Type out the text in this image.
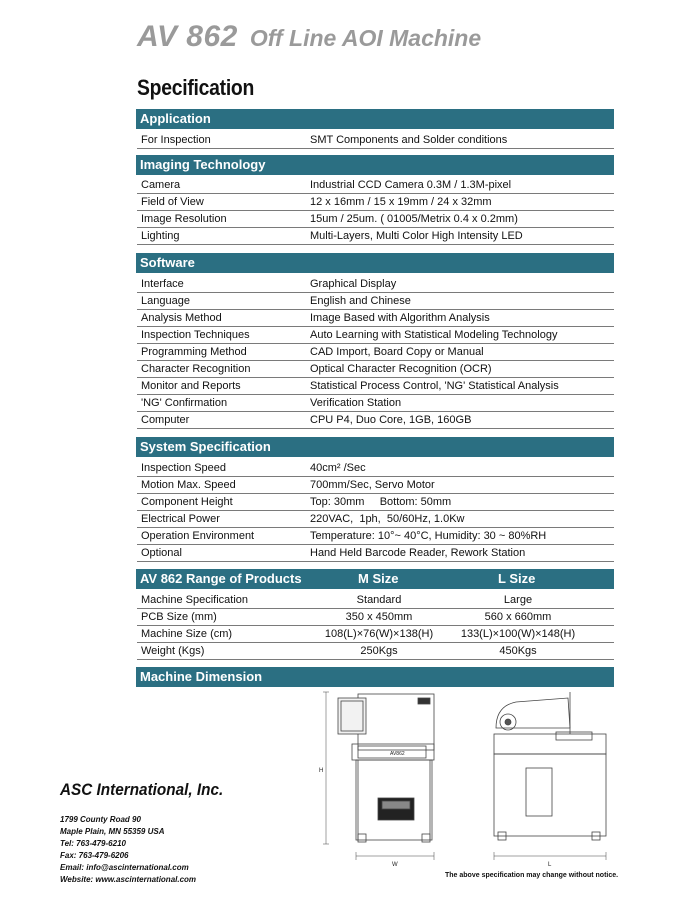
AV 862 Off Line AOI Machine
Specification
Application
For Inspection	SMT Components and Solder conditions
Imaging Technology
Camera	Industrial CCD Camera 0.3M / 1.3M-pixel
Field of View	12 x 16mm / 15 x 19mm / 24 x 32mm
Image Resolution	15um / 25um. ( 01005/Metrix 0.4 x 0.2mm)
Lighting	Multi-Layers, Multi Color High Intensity LED
Software
Interface	Graphical Display
Language	English and Chinese
Analysis Method	Image Based with Algorithm Analysis
Inspection Techniques	Auto Learning with Statistical Modeling Technology
Programming Method	CAD Import, Board Copy or Manual
Character Recognition	Optical Character Recognition (OCR)
Monitor and Reports	Statistical Process Control, 'NG' Statistical Analysis
'NG' Confirmation	Verification Station
Computer	CPU P4, Duo Core, 1GB, 160GB
System Specification
Inspection Speed	40cm² /Sec
Motion Max. Speed	700mm/Sec, Servo Motor
Component Height	Top: 30mm     Bottom: 50mm
Electrical Power	220VAC,  1ph,  50/60Hz, 1.0Kw
Operation Environment	Temperature: 10°~ 40°C, Humidity: 30 ~ 80%RH
Optional	Hand Held Barcode Reader, Rework Station
AV 862 Range of Products	M Size	L Size
Machine Specification	Standard	Large
PCB Size (mm)	350 x 450mm	560 x 660mm
Machine Size (cm)	108(L)×76(W)×138(H)	133(L)×100(W)×148(H)
Weight (Kgs)	250Kgs	450Kgs
Machine Dimension
AV862
H
W	L
The above specification may change without notice.
ASC International, Inc.
1799 County Road 90
Maple Plain, MN 55359 USA
Tel: 763-479-6210
Fax: 763-479-6206
Email: info@ascinternational.com
Website: www.ascinternational.com
